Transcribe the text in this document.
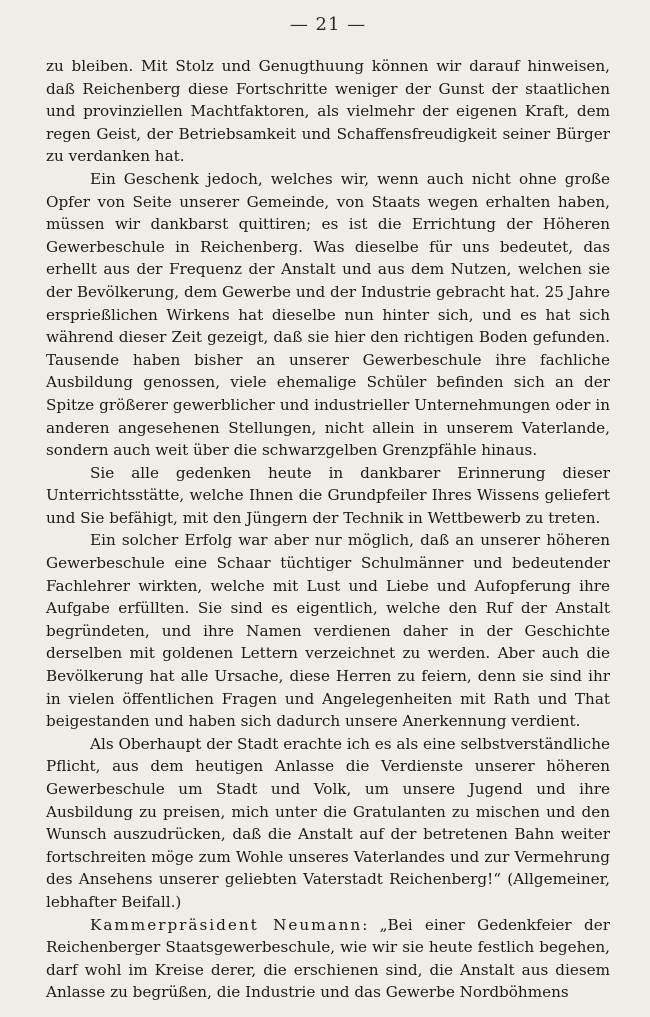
— 21 —

zu bleiben. Mit Stolz und Genugthuung können wir darauf hinweisen, daß Reichenberg diese Fortschritte weniger der Gunst der staatlichen und provinziellen Machtfaktoren, als vielmehr der eigenen Kraft, dem regen Geist, der Betriebsamkeit und Schaffensfreudigkeit seiner Bürger zu verdanken hat.

Ein Geschenk jedoch, welches wir, wenn auch nicht ohne große Opfer von Seite unserer Gemeinde, von Staats wegen erhalten haben, müssen wir dankbarst quittiren; es ist die Errichtung der Höheren Gewerbeschule in Reichenberg. Was dieselbe für uns bedeutet, das erhellt aus der Frequenz der Anstalt und aus dem Nutzen, welchen sie der Bevölkerung, dem Gewerbe und der Industrie gebracht hat. 25 Jahre ersprießlichen Wirkens hat dieselbe nun hinter sich, und es hat sich während dieser Zeit gezeigt, daß sie hier den richtigen Boden gefunden. Tausende haben bisher an unserer Gewerbeschule ihre fachliche Ausbildung genossen, viele ehemalige Schüler befinden sich an der Spitze größerer gewerblicher und industrieller Unternehmungen oder in anderen angesehenen Stellungen, nicht allein in unserem Vaterlande, sondern auch weit über die schwarzgelben Grenzpfähle hinaus.

Sie alle gedenken heute in dankbarer Erinnerung dieser Unterrichtsstätte, welche Ihnen die Grundpfeiler Ihres Wissens geliefert und Sie befähigt, mit den Jüngern der Technik in Wettbewerb zu treten.

Ein solcher Erfolg war aber nur möglich, daß an unserer höheren Gewerbeschule eine Schaar tüchtiger Schulmänner und bedeutender Fachlehrer wirkten, welche mit Lust und Liebe und Aufopferung ihre Aufgabe erfüllten. Sie sind es eigentlich, welche den Ruf der Anstalt begründeten, und ihre Namen verdienen daher in der Geschichte derselben mit goldenen Lettern verzeichnet zu werden. Aber auch die Bevölkerung hat alle Ursache, diese Herren zu feiern, denn sie sind ihr in vielen öffentlichen Fragen und Angelegenheiten mit Rath und That beigestanden und haben sich dadurch unsere Anerkennung verdient.

Als Oberhaupt der Stadt erachte ich es als eine selbstverständliche Pflicht, aus dem heutigen Anlasse die Verdienste unserer höheren Gewerbeschule um Stadt und Volk, um unsere Jugend und ihre Ausbildung zu preisen, mich unter die Gratulanten zu mischen und den Wunsch auszudrücken, daß die Anstalt auf der betretenen Bahn weiter fortschreiten möge zum Wohle unseres Vaterlandes und zur Vermehrung des Ansehens unserer geliebten Vaterstadt Reichenberg!“ (Allgemeiner, lebhafter Beifall.)

Kammerpräsident Neumann: „Bei einer Gedenkfeier der Reichenberger Staatsgewerbeschule, wie wir sie heute festlich begehen, darf wohl im Kreise derer, die erschienen sind, die Anstalt aus diesem Anlasse zu begrüßen, die Industrie und das Gewerbe Nordböhmens
